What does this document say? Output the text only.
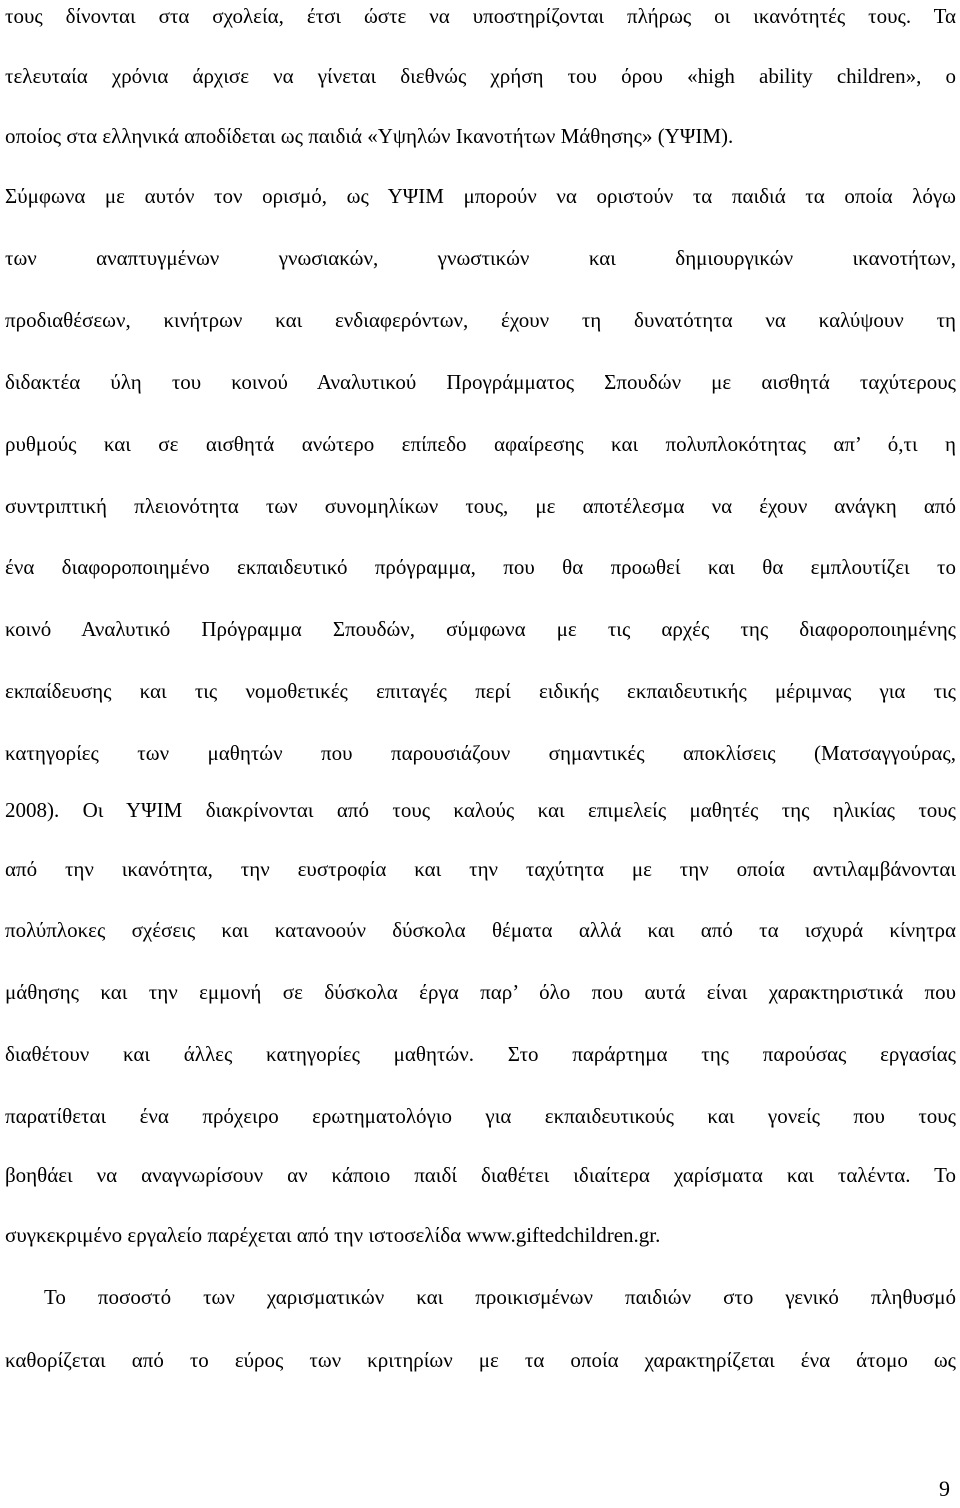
τους δίνονται στα σχολεία, έτσι ώστε να υποστηρίζονται πλήρως οι ικανότητές τους. Τα
τελευταία χρόνια άρχισε να γίνεται διεθνώς χρήση του όρου «high ability children», ο
οποίος στα ελληνικά αποδίδεται ως παιδιά «Υψηλών Ικανοτήτων Μάθησης» (ΥΨΙΜ).
Σύμφωνα με αυτόν τον ορισμό, ως ΥΨΙΜ μπορούν να οριστούν τα παιδιά τα οποία λόγω
των αναπτυγμένων γνωσιακών, γνωστικών και δημιουργικών ικανοτήτων,
προδιαθέσεων, κινήτρων και ενδιαφερόντων, έχουν τη δυνατότητα να καλύψουν τη
διδακτέα ύλη του κοινού Αναλυτικού Προγράμματος Σπουδών με αισθητά ταχύτερους
ρυθμούς και σε αισθητά ανώτερο επίπεδο αφαίρεσης και πολυπλοκότητας απ’ ό,τι η
συντριπτική πλειονότητα των συνομηλίκων τους, με αποτέλεσμα να έχουν ανάγκη από
ένα διαφοροποιημένο εκπαιδευτικό πρόγραμμα, που θα προωθεί και θα εμπλουτίζει το
κοινό Αναλυτικό Πρόγραμμα Σπουδών, σύμφωνα με τις αρχές της διαφοροποιημένης
εκπαίδευσης και τις νομοθετικές επιταγές περί ειδικής εκπαιδευτικής μέριμνας για τις
κατηγορίες των μαθητών που παρουσιάζουν σημαντικές αποκλίσεις (Ματσαγγούρας,
2008). Οι ΥΨΙΜ διακρίνονται από τους καλούς και επιμελείς μαθητές της ηλικίας τους
από την ικανότητα, την ευστροφία και την ταχύτητα με την οποία αντιλαμβάνονται
πολύπλοκες σχέσεις και κατανοούν δύσκολα θέματα αλλά και από τα ισχυρά κίνητρα
μάθησης και την εμμονή σε δύσκολα έργα παρ’ όλο που αυτά είναι χαρακτηριστικά που
διαθέτουν και άλλες κατηγορίες μαθητών. Στο παράρτημα της παρούσας εργασίας
παρατίθεται ένα πρόχειρο ερωτηματολόγιο για εκπαιδευτικούς και γονείς που τους
βοηθάει να αναγνωρίσουν αν κάποιο παιδί διαθέτει ιδιαίτερα χαρίσματα και ταλέντα. Το
συγκεκριμένο εργαλείο παρέχεται από την ιστοσελίδα www.giftedchildren.gr.
Το ποσοστό των χαρισματικών και προικισμένων παιδιών στο γενικό πληθυσμό
καθορίζεται από το εύρος των κριτηρίων με τα οποία χαρακτηρίζεται ένα άτομο ως
9
